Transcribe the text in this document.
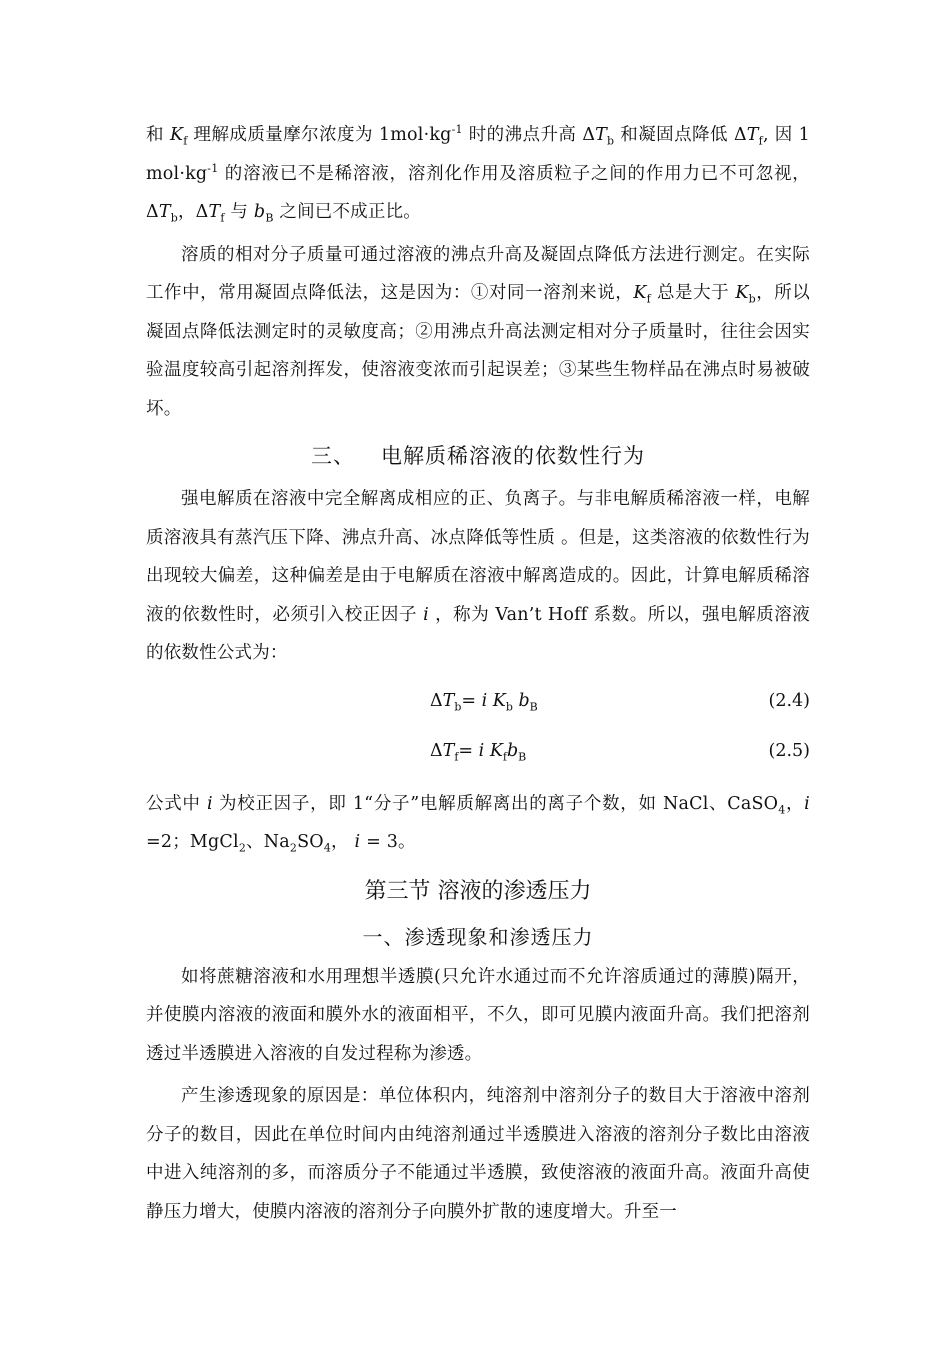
和 $K_f$ 理解成质量摩尔浓度为 $1mol\cdot kg^{-1}$ 时的沸点升高 $\Delta T_b$ 和凝固点降低 $\Delta T_f$, 因 1 $mol\cdot kg^{-1}$ 的溶液已不是稀溶液，溶剂化作用及溶质粒子之间的作用力已不可忽视，$\Delta T_b$，$\Delta T_f$ 与 $b_B$ 之间已不成正比。

溶质的相对分子质量可通过溶液的沸点升高及凝固点降低方法进行测定。在实际工作中，常用凝固点降低法，这是因为：①对同一溶剂来说，$K_f$ 总是大于 $K_b$，所以凝固点降低法测定时的灵敏度高；②用沸点升高法测定相对分子质量时，往往会因实验温度较高引起溶剂挥发，使溶液变浓而引起误差；③某些生物样品在沸点时易被破坏。

三、 电解质稀溶液的依数性行为

强电解质在溶液中完全解离成相应的正、负离子。与非电解质稀溶液一样，电解质溶液具有蒸汽压下降、沸点升高、冰点降低等性质 。但是，这类溶液的依数性行为出现较大偏差，这种偏差是由于电解质在溶液中解离造成的。因此，计算电解质稀溶液的依数性时，必须引入校正因子 i ，称为 Van’t Hoff 系数。所以，强电解质溶液的依数性公式为：

$\Delta T_b= i$ $K_b$ $b_B$	(2.4)
$\Delta T_f= i$ $K_fb_B$	(2.5)

公式中 i 为校正因子，即 1“分子”电解质解离出的离子个数，如 NaCl、CaSO$_4$，i =2；MgCl$_2$、$Na_2SO_4$， i = 3。

第三节 溶液的渗透压力
一、渗透现象和渗透压力

如将蔗糖溶液和水用理想半透膜(只允许水通过而不允许溶质通过的薄膜)隔开，并使膜内溶液的液面和膜外水的液面相平，不久，即可见膜内液面升高。我们把溶剂透过半透膜进入溶液的自发过程称为渗透。

产生渗透现象的原因是：单位体积内，纯溶剂中溶剂分子的数目大于溶液中溶剂分子的数目，因此在单位时间内由纯溶剂通过半透膜进入溶液的溶剂分子数比由溶液中进入纯溶剂的多，而溶质分子不能通过半透膜，致使溶液的液面升高。液面升高使静压力增大，使膜内溶液的溶剂分子向膜外扩散的速度增大。升至一
